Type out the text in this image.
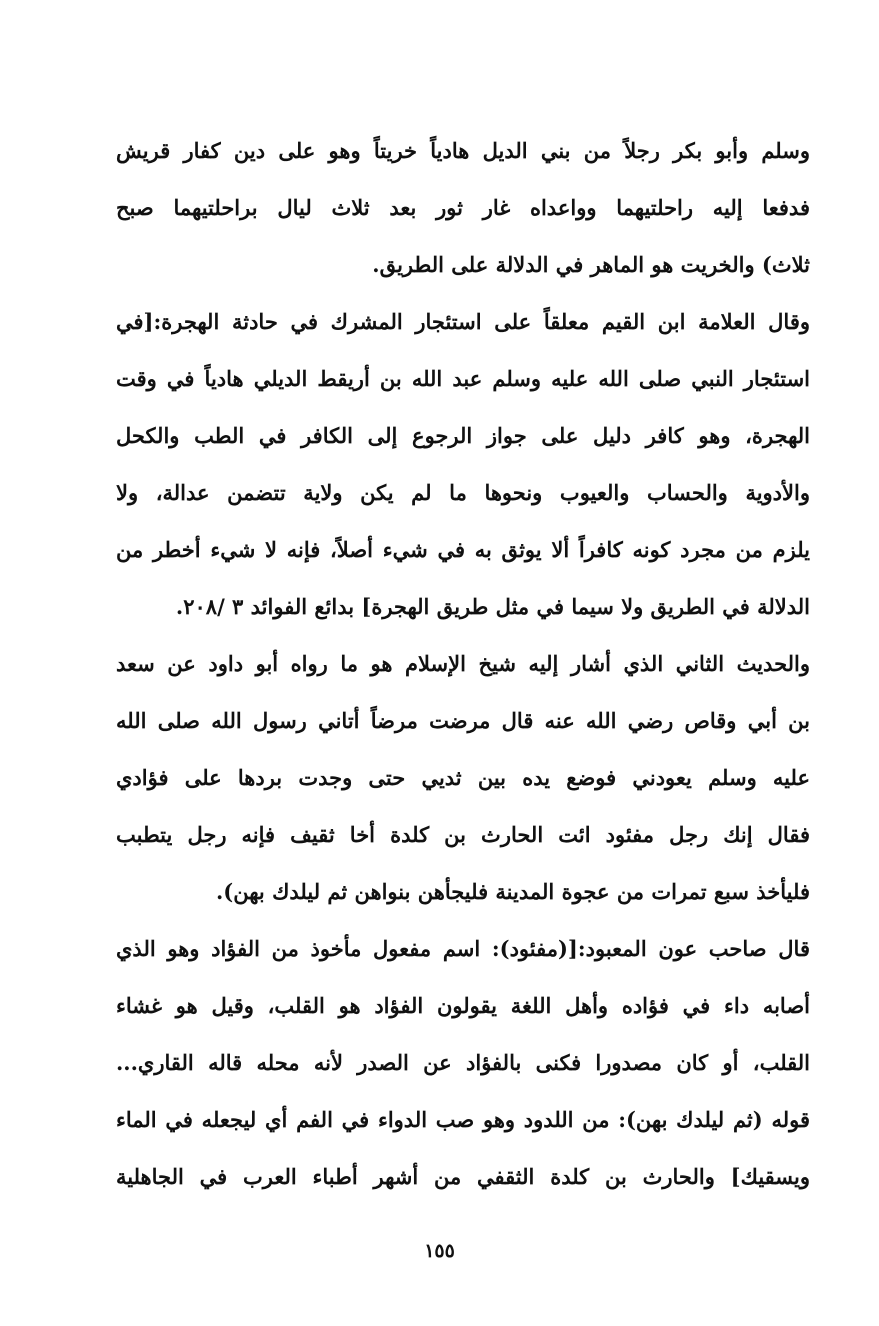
وسلم وأبو بكر رجلاً من بني الديل هادياً خريتاً وهو على دين كفار قريش
فدفعا إليه راحلتيهما وواعداه غار ثور بعد ثلاث ليال براحلتيهما صبح
ثلاث) والخريت هو الماهر في الدلالة على الطريق.
وقال العلامة ابن القيم معلقاً على استئجار المشرك في حادثة الهجرة:[في
استئجار النبي صلى الله عليه وسلم عبد الله بن أريقط الديلي هادياً في وقت
الهجرة، وهو كافر دليل على جواز الرجوع إلى الكافر في الطب والكحل
والأدوية والحساب والعيوب ونحوها ما لم يكن ولاية تتضمن عدالة، ولا
يلزم من مجرد كونه كافراً ألا يوثق به في شيء أصلاً، فإنه لا شيء أخطر من
الدلالة في الطريق ولا سيما في مثل طريق الهجرة] بدائع الفوائد ٣ /٢٠٨.
والحديث الثاني الذي أشار إليه شيخ الإسلام هو ما رواه أبو داود عن سعد
بن أبي وقاص رضي الله عنه قال مرضت مرضاً أتاني رسول الله صلى الله
عليه وسلم يعودني فوضع يده بين ثديي حتى وجدت بردها على فؤادي
فقال إنك رجل مفئود ائت الحارث بن كلدة أخا ثقيف فإنه رجل يتطبب
فليأخذ سبع تمرات من عجوة المدينة فليجأهن بنواهن ثم ليلدك بهن).
قال صاحب عون المعبود:[(مفئود): اسم مفعول مأخوذ من الفؤاد وهو الذي
أصابه داء في فؤاده وأهل اللغة يقولون الفؤاد هو القلب، وقيل هو غشاء
القلب، أو كان مصدورا فكنى بالفؤاد عن الصدر لأنه محله قاله القاري...
قوله (ثم ليلدك بهن): من اللدود وهو صب الدواء في الفم أي ليجعله في الماء
ويسقيك] والحارث بن كلدة الثقفي من أشهر أطباء العرب في الجاهلية
١٥٥
